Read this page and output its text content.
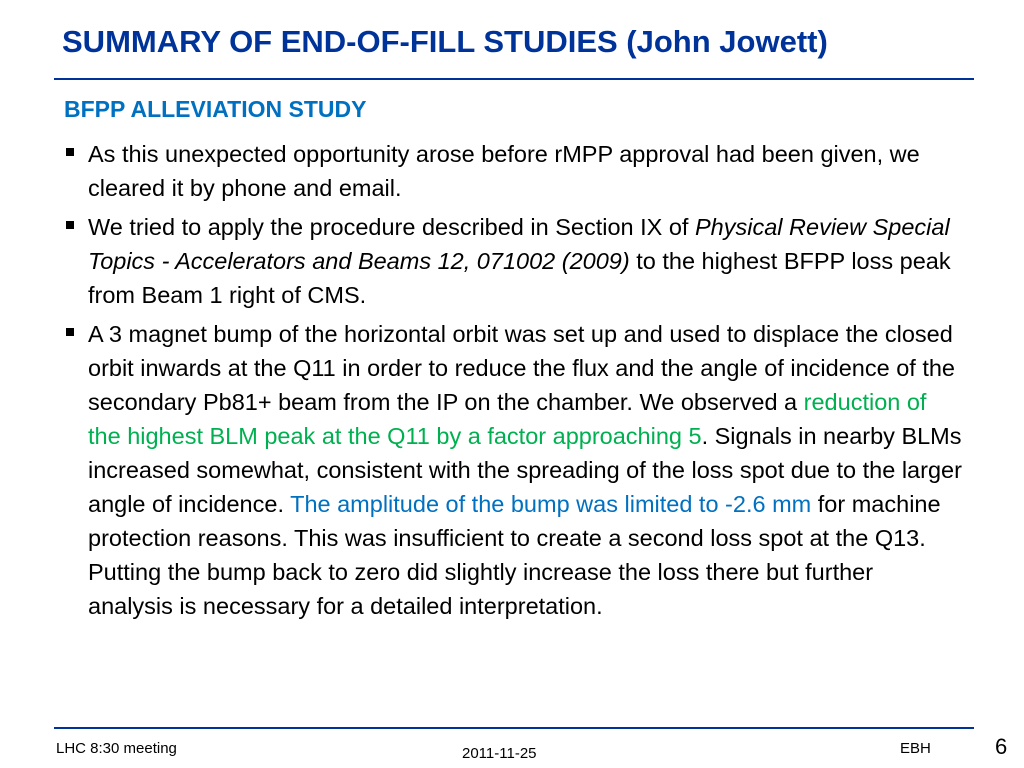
SUMMARY OF END-OF-FILL STUDIES (John Jowett)
BFPP ALLEVIATION STUDY
As this unexpected opportunity arose before rMPP approval had been given, we cleared it by phone and email.
We tried to apply the procedure described in Section IX of Physical Review Special Topics - Accelerators and Beams 12, 071002 (2009) to the highest BFPP loss peak from Beam 1 right of CMS.
A 3 magnet bump of the horizontal orbit was set up and used to displace the closed orbit inwards at the Q11 in order to reduce the flux and the angle of incidence of the secondary Pb81+ beam from the IP on the chamber. We observed a reduction of the highest BLM peak at the Q11 by a factor approaching 5. Signals in nearby BLMs increased somewhat, consistent with the spreading of the loss spot due to the larger angle of incidence. The amplitude of the bump was limited to -2.6 mm for machine protection reasons. This was insufficient to create a second loss spot at the Q13. Putting the bump back to zero did slightly increase the loss there but further analysis is necessary for a detailed interpretation.
LHC 8:30 meeting	2011-11-25	EBH	6
